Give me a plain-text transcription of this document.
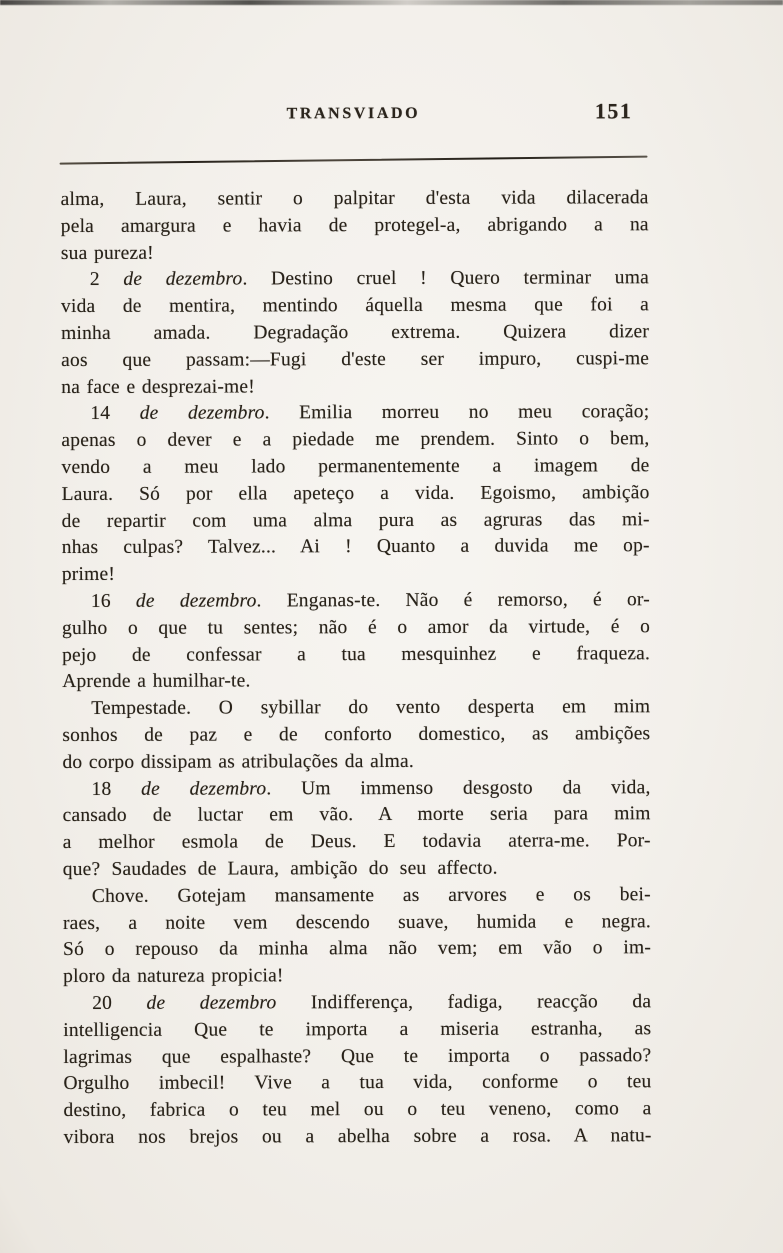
TRANSVIADO	151
alma, Laura, sentir o palpitar d'esta vida dilacerada
pela amargura e havia de protegel-a, abrigando a na
sua pureza!
2 de dezembro. Destino cruel ! Quero terminar uma
vida de mentira, mentindo áquella mesma que foi a
minha amada. Degradação extrema. Quizera dizer
aos que passam:—Fugi d'este ser impuro, cuspi-me
na face e desprezai-me!
14 de dezembro. Emilia morreu no meu coração;
apenas o dever e a piedade me prendem. Sinto o bem,
vendo a meu lado permanentemente a imagem de
Laura. Só por ella apeteço a vida. Egoismo, ambição
de repartir com uma alma pura as agruras das mi-
nhas culpas? Talvez... Ai ! Quanto a duvida me op-
prime!
16 de dezembro. Enganas-te. Não é remorso, é or-
gulho o que tu sentes; não é o amor da virtude, é o
pejo de confessar a tua mesquinhez e fraqueza.
Aprende a humilhar-te.
Tempestade. O sybillar do vento desperta em mim
sonhos de paz e de conforto domestico, as ambições
do corpo dissipam as atribulações da alma.
18 de dezembro. Um immenso desgosto da vida,
cansado de luctar em vão. A morte seria para mim
a melhor esmola de Deus. E todavia aterra-me. Por-
que? Saudades de Laura, ambição do seu affecto.
Chove. Gotejam mansamente as arvores e os bei-
raes, a noite vem descendo suave, humida e negra.
Só o repouso da minha alma não vem; em vão o im-
ploro da natureza propicia!
20 de dezembro Indifferença, fadiga, reacção da
intelligencia Que te importa a miseria estranha, as
lagrimas que espalhaste? Que te importa o passado?
Orgulho imbecil! Vive a tua vida, conforme o teu
destino, fabrica o teu mel ou o teu veneno, como a
vibora nos brejos ou a abelha sobre a rosa. A natu-
